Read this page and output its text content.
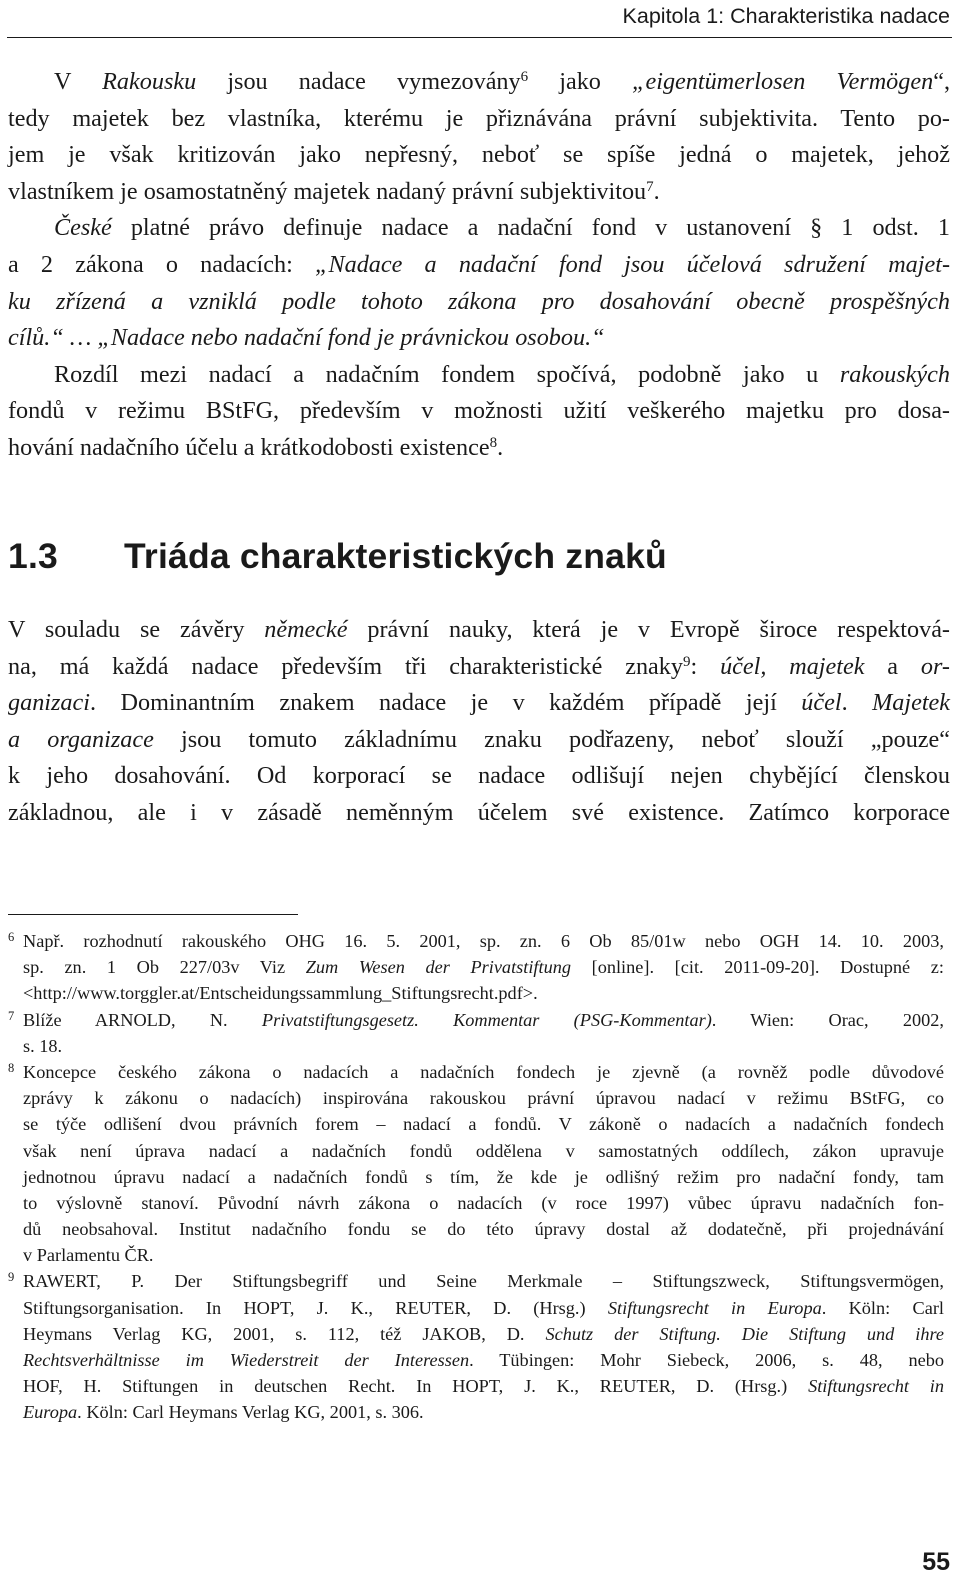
Kapitola 1: Charakteristika nadace
V Rakousku jsou nadace vymezovány$^6$ jako „eigentümerlosen Vermögen“,
tedy majetek bez vlastníka, kterému je přiznávána právní subjektivita. Tento po-
jem je však kritizován jako nepřesný, neboť se spíše jedná o majetek, jehož
vlastníkem je osamostatněný majetek nadaný právní subjektivitou$^7$.
České platné právo definuje nadace a nadační fond v ustanovení § 1 odst. 1
a 2 zákona o nadacích: „Nadace a nadační fond jsou účelová sdružení majet-
ku zřízená a vzniklá podle tohoto zákona pro dosahování obecně prospěšných
cílů.“ … „Nadace nebo nadační fond je právnickou osobou.“
Rozdíl mezi nadací a nadačním fondem spočívá, podobně jako u rakouských
fondů v režimu BStFG, především v možnosti užití veškerého majetku pro dosa-
hování nadačního účelu a krátkodobosti existence$^8$.
1.3 Triáda charakteristických znaků
V souladu se závěry německé právní nauky, která je v Evropě široce respektová-
na, má každá nadace především tři charakteristické znaky$^9$: účel, majetek a or-
ganizaci. Dominantním znakem nadace je v každém případě její účel. Majetek
a organizace jsou tomuto základnímu znaku podřazeny, neboť slouží „pouze“
k jeho dosahování. Od korporací se nadace odlišují nejen chybějící členskou
základnou, ale i v zásadě neměnným účelem své existence. Zatímco korporace
6 Např. rozhodnutí rakouského OHG 16. 5. 2001, sp. zn. 6 Ob 85/01w nebo OGH 14. 10. 2003,
sp. zn. 1 Ob 227/03v Viz Zum Wesen der Privatstiftung [online]. [cit. 2011-09-20]. Dostupné z:
<http://www.torggler.at/Entscheidungssammlung_Stiftungsrecht.pdf>.
7 Blíže ARNOLD, N. Privatstiftungsgesetz. Kommentar (PSG-Kommentar). Wien: Orac, 2002,
s. 18.
8 Koncepce českého zákona o nadacích a nadačních fondech je zjevně (a rovněž podle důvodové
zprávy k zákonu o nadacích) inspirována rakouskou právní úpravou nadací v režimu BStFG, co
se týče odlišení dvou právních forem – nadací a fondů. V zákoně o nadacích a nadačních fondech
však není úprava nadací a nadačních fondů oddělena v samostatných oddílech, zákon upravuje
jednotnou úpravu nadací a nadačních fondů s tím, že kde je odlišný režim pro nadační fondy, tam
to výslovně stanoví. Původní návrh zákona o nadacích (v roce 1997) vůbec úpravu nadačních fon-
dů neobsahoval. Institut nadačního fondu se do této úpravy dostal až dodatečně, při projednávání
v Parlamentu ČR.
9 RAWERT, P. Der Stiftungsbegriff und Seine Merkmale – Stiftungszweck, Stiftungsvermögen,
Stiftungsorganisation. In HOPT, J. K., REUTER, D. (Hrsg.) Stiftungsrecht in Europa. Köln: Carl
Heymans Verlag KG, 2001, s. 112, též JAKOB, D. Schutz der Stiftung. Die Stiftung und ihre
Rechtsverhältnisse im Wiederstreit der Interessen. Tübingen: Mohr Siebeck, 2006, s. 48, nebo
HOF, H. Stiftungen in deutschen Recht. In HOPT, J. K., REUTER, D. (Hrsg.) Stiftungsrecht in
Europa. Köln: Carl Heymans Verlag KG, 2001, s. 306.
55
